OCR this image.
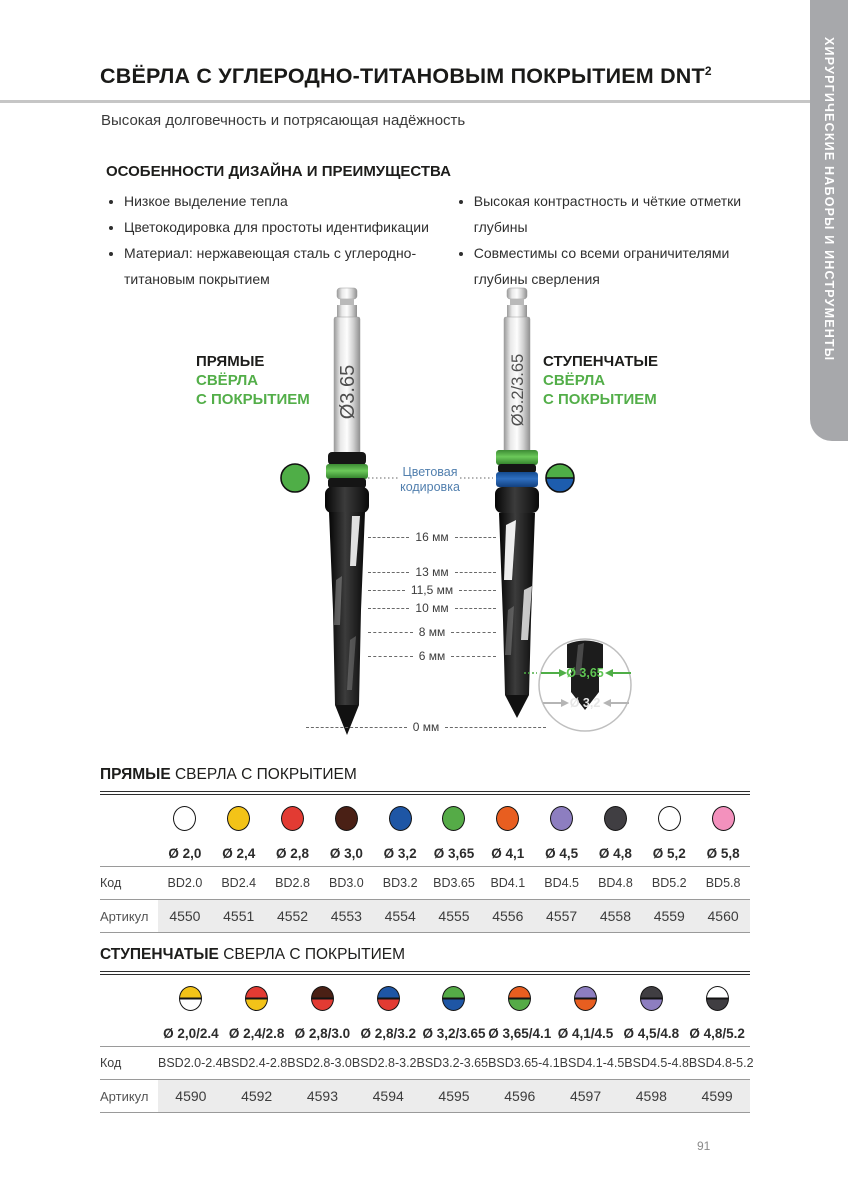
ХИРУРГИЧЕСКИЕ НАБОРЫ И ИНСТРУМЕНТЫ
СВЁРЛА С УГЛЕРОДНО-ТИТАНОВЫМ ПОКРЫТИЕМ DNT$^2$
Высокая долговечность и потрясающая надёжность
ОСОБЕННОСТИ ДИЗАЙНА И ПРЕИМУЩЕСТВА
• Низкое выделение тепла
• Цветокодировка для простоты идентификации
• Материал: нержавеющая сталь с углеродно-титановым покрытием
• Высокая контрастность и чёткие отметки глубины
• Совместимы со всеми ограничителями глубины сверления
ПРЯМЫЕ
СВЁРЛА
С ПОКРЫТИЕМ
СТУПЕНЧАТЫЕ
СВЁРЛА
С ПОКРЫТИЕМ
Ø3.65	Ø3.2/3.65
Цветовая
кодировка
Ø 3,65
Ø 3,2
16 мм
13 мм
11,5 мм
10 мм
8 мм
6 мм
0 мм
ПРЯМЫЕ СВЕРЛА С ПОКРЫТИЕМ
Ø 2,0	Ø 2,4	Ø 2,8	Ø 3,0	Ø 3,2	Ø 3,65	Ø 4,1	Ø 4,5	Ø 4,8	Ø 5,2	Ø 5,8
Код	BD2.0	BD2.4	BD2.8	BD3.0	BD3.2	BD3.65	BD4.1	BD4.5	BD4.8	BD5.2	BD5.8
Артикул	4550	4551	4552	4553	4554	4555	4556	4557	4558	4559	4560
СТУПЕНЧАТЫЕ СВЕРЛА С ПОКРЫТИЕМ
Ø 2,0/2.4 Ø 2,4/2.8 Ø 2,8/3.0 Ø 2,8/3.2 Ø 3,2/3.65 Ø 3,65/4.1 Ø 4,1/4.5 Ø 4,5/4.8 Ø 4,8/5.2
Код	BSD2.0-2.4 BSD2.4-2.8 BSD2.8-3.0 BSD2.8-3.2 BSD3.2-3.65 BSD3.65-4.1 BSD4.1-4.5 BSD4.5-4.8 BSD4.8-5.2
Артикул	4590	4592	4593	4594	4595	4596	4597	4598	4599
91
